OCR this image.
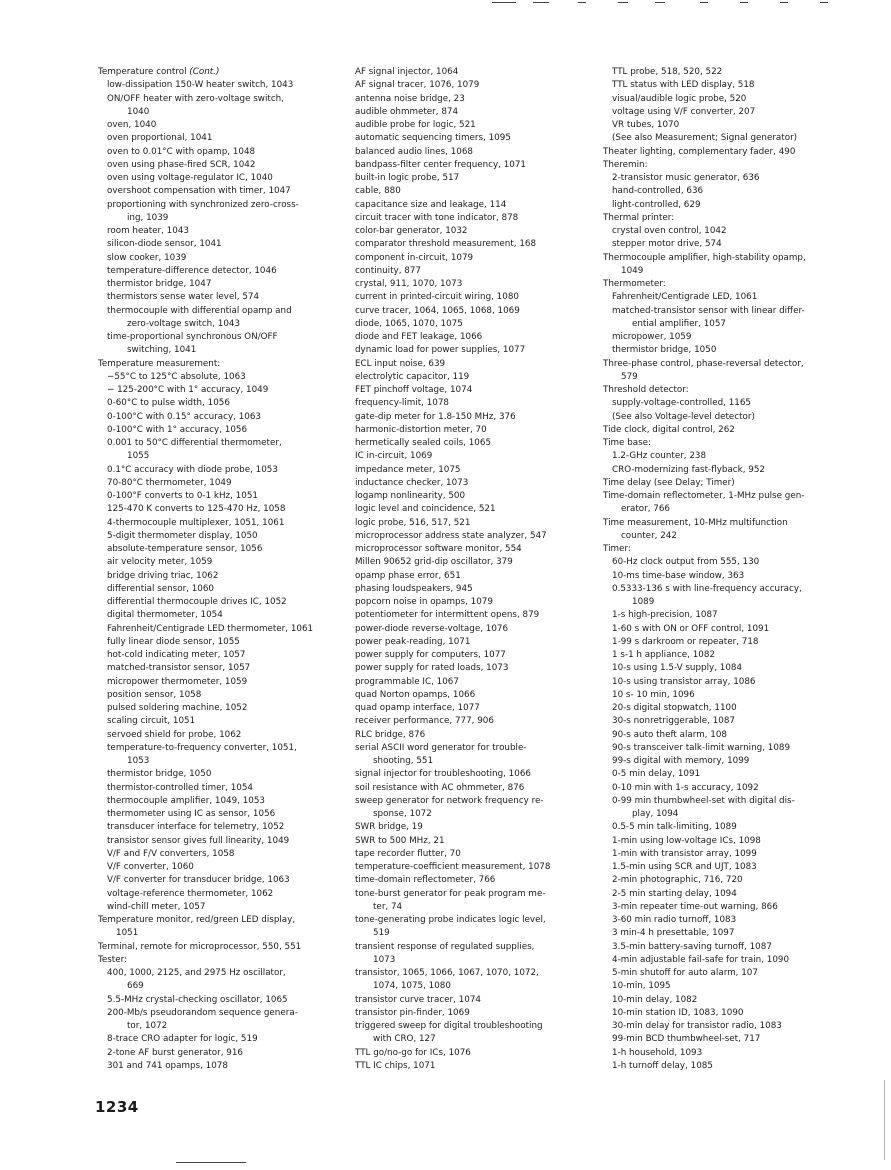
Temperature control (Cont.)
low-dissipation 150-W heater switch, 1043
ON/OFF heater with zero-voltage switch,
1040
oven, 1040
oven proportional, 1041
oven to 0.01°C with opamp, 1048
oven using phase-fired SCR, 1042
oven using voltage-regulator IC, 1040
overshoot compensation with timer, 1047
proportioning with synchronized zero-cross-
ing, 1039
room heater, 1043
silicon-diode sensor, 1041
slow cooker, 1039
temperature-difference detector, 1046
thermistor bridge, 1047
thermistors sense water level, 574
thermocouple with differential opamp and
zero-voltage switch, 1043
time-proportional synchronous ON/OFF
switching, 1041
Temperature measurement:
−55°C to 125°C absolute, 1063
− 125-200°C with 1° accuracy, 1049
0-60°C to pulse width, 1056
0-100°C with 0.15° accuracy, 1063
0-100°C with 1° accuracy, 1056
0.001 to 50°C differential thermometer,
1055
0.1°C accuracy with diode probe, 1053
70-80°C thermometer, 1049
0-100°F converts to 0-1 kHz, 1051
125-470 K converts to 125-470 Hz, 1058
4-thermocouple multiplexer, 1051, 1061
5-digit thermometer display, 1050
absolute-temperature sensor, 1056
air velocity meter, 1059
bridge driving triac, 1062
differential sensor, 1060
differential thermocouple drives IC, 1052
digital thermometer, 1054
Fahrenheit/Centigrade LED thermometer, 1061
fully linear diode sensor, 1055
hot-cold indicating meter, 1057
matched-transistor sensor, 1057
micropower thermometer, 1059
position sensor, 1058
pulsed soldering machine, 1052
scaling circuit, 1051
servoed shield for probe, 1062
temperature-to-frequency converter, 1051,
1053
thermistor bridge, 1050
thermistor-controlled timer, 1054
thermocouple amplifier, 1049, 1053
thermometer using IC as sensor, 1056
transducer interface for telemetry, 1052
transistor sensor gives full linearity, 1049
V/F and F/V converters, 1058
V/F converter, 1060
V/F converter for transducer bridge, 1063
voltage-reference thermometer, 1062
wind-chill meter, 1057
Temperature monitor, red/green LED display,
1051
Terminal, remote for microprocessor, 550, 551
Tester:
400, 1000, 2125, and 2975 Hz oscillator,
669
5.5-MHz crystal-checking oscillator, 1065
200-Mb/s pseudorandom sequence genera-
tor, 1072
8-trace CRO adapter for logic, 519
2-tone AF burst generator, 916
301 and 741 opamps, 1078
AF signal injector, 1064
AF signal tracer, 1076, 1079
antenna noise bridge, 23
audible ohmmeter, 874
audible probe for logic, 521
automatic sequencing timers, 1095
balanced audio lines, 1068
bandpass-filter center frequency, 1071
built-in logic probe, 517
cable, 880
capacitance size and leakage, 114
circuit tracer with tone indicator, 878
color-bar generator, 1032
comparator threshold measurement, 168
component in-circuit, 1079
continuity, 877
crystal, 911, 1070, 1073
current in printed-circuit wiring, 1080
curve tracer, 1064, 1065, 1068, 1069
diode, 1065, 1070, 1075
diode and FET leakage, 1066
dynamic load for power supplies, 1077
ECL input noise, 639
electrolytic capacitor, 119
FET pinchoff voltage, 1074
frequency-limit, 1078
gate-dip meter for 1.8-150 MHz, 376
harmonic-distortion meter, 70
hermetically sealed coils, 1065
IC in-circuit, 1069
impedance meter, 1075
inductance checker, 1073
logamp nonlinearity, 500
logic level and coincidence, 521
logic probe, 516, 517, 521
microprocessor address state analyzer, 547
microprocessor software monitor, 554
Millen 90652 grid-dip oscillator, 379
opamp phase error, 651
phasing loudspeakers, 945
popcorn noise in opamps, 1079
potentiometer for intermittent opens, 879
power-diode reverse-voltage, 1076
power peak-reading, 1071
power supply for computers, 1077
power supply for rated loads, 1073
programmable IC, 1067
quad Norton opamps, 1066
quad opamp interface, 1077
receiver performance, 777, 906
RLC bridge, 876
serial ASCII word generator for trouble-
shooting, 551
signal injector for troubleshooting, 1066
soil resistance with AC ohmmeter, 876
sweep generator for network frequency re-
sponse, 1072
SWR bridge, 19
SWR to 500 MHz, 21
tape recorder flutter, 70
temperature-coefficient measurement, 1078
time-domain reflectometer, 766
tone-burst generator for peak program me-
ter, 74
tone-generating probe indicates logic level,
519
transient response of regulated supplies,
1073
transistor, 1065, 1066, 1067, 1070, 1072,
1074, 1075, 1080
transistor curve tracer, 1074
transistor pin-finder, 1069
triggered sweep for digital troubleshooting
with CRO, 127
TTL go/no-go for ICs, 1076
TTL IC chips, 1071
TTL probe, 518, 520, 522
TTL status with LED display, 518
visual/audible logic probe, 520
voltage using V/F converter, 207
VR tubes, 1070
(See also Measurement; Signal generator)
Theater lighting, complementary fader, 490
Theremin:
2-transistor music generator, 636
hand-controlled, 636
light-controlled, 629
Thermal printer:
crystal oven control, 1042
stepper motor drive, 574
Thermocouple amplifier, high-stability opamp,
1049
Thermometer:
Fahrenheit/Centigrade LED, 1061
matched-transistor sensor with linear differ-
ential amplifier, 1057
micropower, 1059
thermistor bridge, 1050
Three-phase control, phase-reversal detector,
579
Threshold detector:
supply-voltage-controlled, 1165
(See also Voltage-level detector)
Tide clock, digital control, 262
Time base:
1.2-GHz counter, 238
CRO-modernizing fast-flyback, 952
Time delay (see Delay; Timer)
Time-domain reflectometer, 1-MHz pulse gen-
erator, 766
Time measurement, 10-MHz multifunction
counter, 242
Timer:
60-Hz clock output from 555, 130
10-ms time-base window, 363
0.5333-136 s with line-frequency accuracy,
1089
1-s high-precision, 1087
1-60 s with ON or OFF control, 1091
1-99 s darkroom or repeater, 718
1 s-1 h appliance, 1082
10-s using 1.5-V supply, 1084
10-s using transistor array, 1086
10 s- 10 min, 1096
20-s digital stopwatch, 1100
30-s nonretriggerable, 1087
90-s auto theft alarm, 108
90-s transceiver talk-limit warning, 1089
99-s digital with memory, 1099
0-5 min delay, 1091
0-10 min with 1-s accuracy, 1092
0-99 min thumbwheel-set with digital dis-
play, 1094
0.5-5 min talk-limiting, 1089
1-min using low-voltage ICs, 1098
1-min with transistor array, 1099
1.5-min using SCR and UJT, 1083
2-min photographic, 716, 720
2-5 min starting delay, 1094
3-min repeater time-out warning, 866
3-60 min radio turnoff, 1083
3 min-4 h presettable, 1097
3.5-min battery-saving turnoff, 1087
4-min adjustable fail-safe for train, 1090
5-min shutoff for auto alarm, 107
10-min, 1095
10-min delay, 1082
10-min station ID, 1083, 1090
30-min delay for transistor radio, 1083
99-min BCD thumbwheel-set, 717
1-h household, 1093
1-h turnoff delay, 1085
1234
